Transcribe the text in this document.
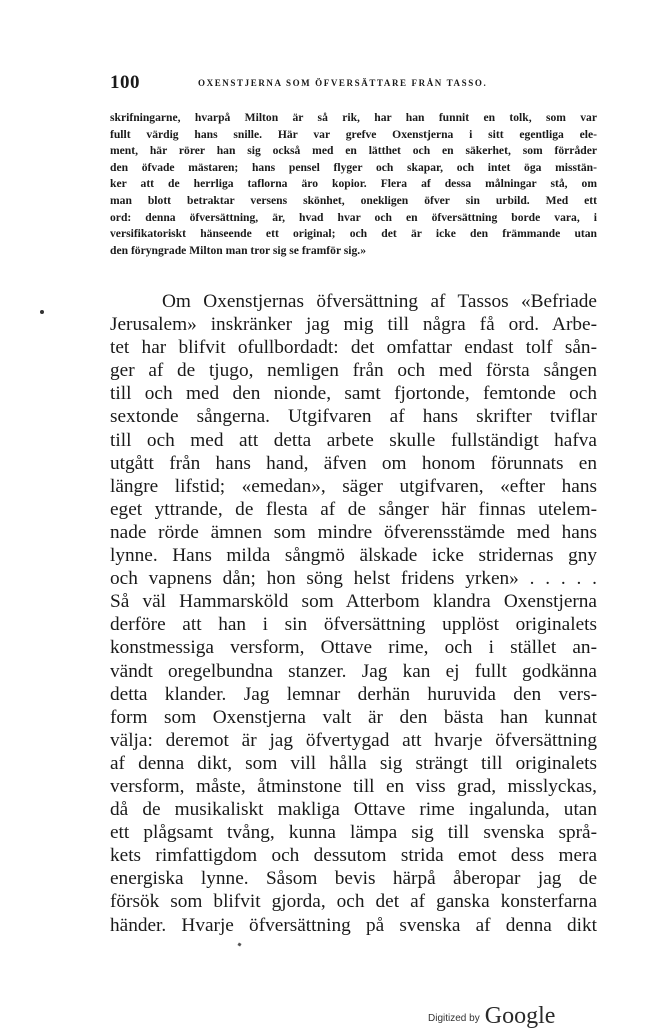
100	OXENSTJERNA SOM ÖFVERSÄTTARE FRÅN TASSO.
skrifningarne, hvarpå Milton är så rik, har han funnit en tolk, som var
fullt värdig hans snille. Här var grefve Oxenstjerna i sitt egentliga ele-
ment, här rörer han sig också med en lätthet och en säkerhet, som förråder
den öfvade mästaren; hans pensel flyger och skapar, och intet öga misstän-
ker att de herrliga taflorna äro kopior. Flera af dessa målningar stå, om
man blott betraktar versens skönhet, onekligen öfver sin urbild. Med ett
ord: denna öfversättning, är, hvad hvar och en öfversättning borde vara, i
versifikatoriskt hänseende ett original; och det är icke den främmande utan
den föryngrade Milton man tror sig se framför sig.»
Om Oxenstjernas öfversättning af Tassos «Befriade
Jerusalem» inskränker jag mig till några få ord. Arbe-
tet har blifvit ofullbordadt: det omfattar endast tolf sån-
ger af de tjugo, nemligen från och med första sången
till och med den nionde, samt fjortonde, femtonde och
sextonde sångerna. Utgifvaren af hans skrifter tviflar
till och med att detta arbete skulle fullständigt hafva
utgått från hans hand, äfven om honom förunnats en
längre lifstid; «emedan», säger utgifvaren, «efter hans
eget yttrande, de flesta af de sånger här finnas utelem-
nade rörde ämnen som mindre öfverensstämde med hans
lynne. Hans milda sångmö älskade icke stridernas gny
och vapnens dån; hon söng helst fridens yrken» . . . . .
Så väl Hammarsköld som Atterbom klandra Oxenstjerna
derföre att han i sin öfversättning upplöst originalets
konstmessiga versform, Ottave rime, och i stället an-
vändt oregelbundna stanzer. Jag kan ej fullt godkänna
detta klander. Jag lemnar derhän huruvida den vers-
form som Oxenstjerna valt är den bästa han kunnat
välja: deremot är jag öfvertygad att hvarje öfversättning
af denna dikt, som vill hålla sig strängt till originalets
versform, måste, åtminstone till en viss grad, misslyckas,
då de musikaliskt makliga Ottave rime ingalunda, utan
ett plågsamt tvång, kunna lämpa sig till svenska språ-
kets rimfattigdom och dessutom strida emot dess mera
energiska lynne. Såsom bevis härpå åberopar jag de
försök som blifvit gjorda, och det af ganska konsterfarna
händer. Hvarje öfversättning på svenska af denna dikt
Digitized by Google
